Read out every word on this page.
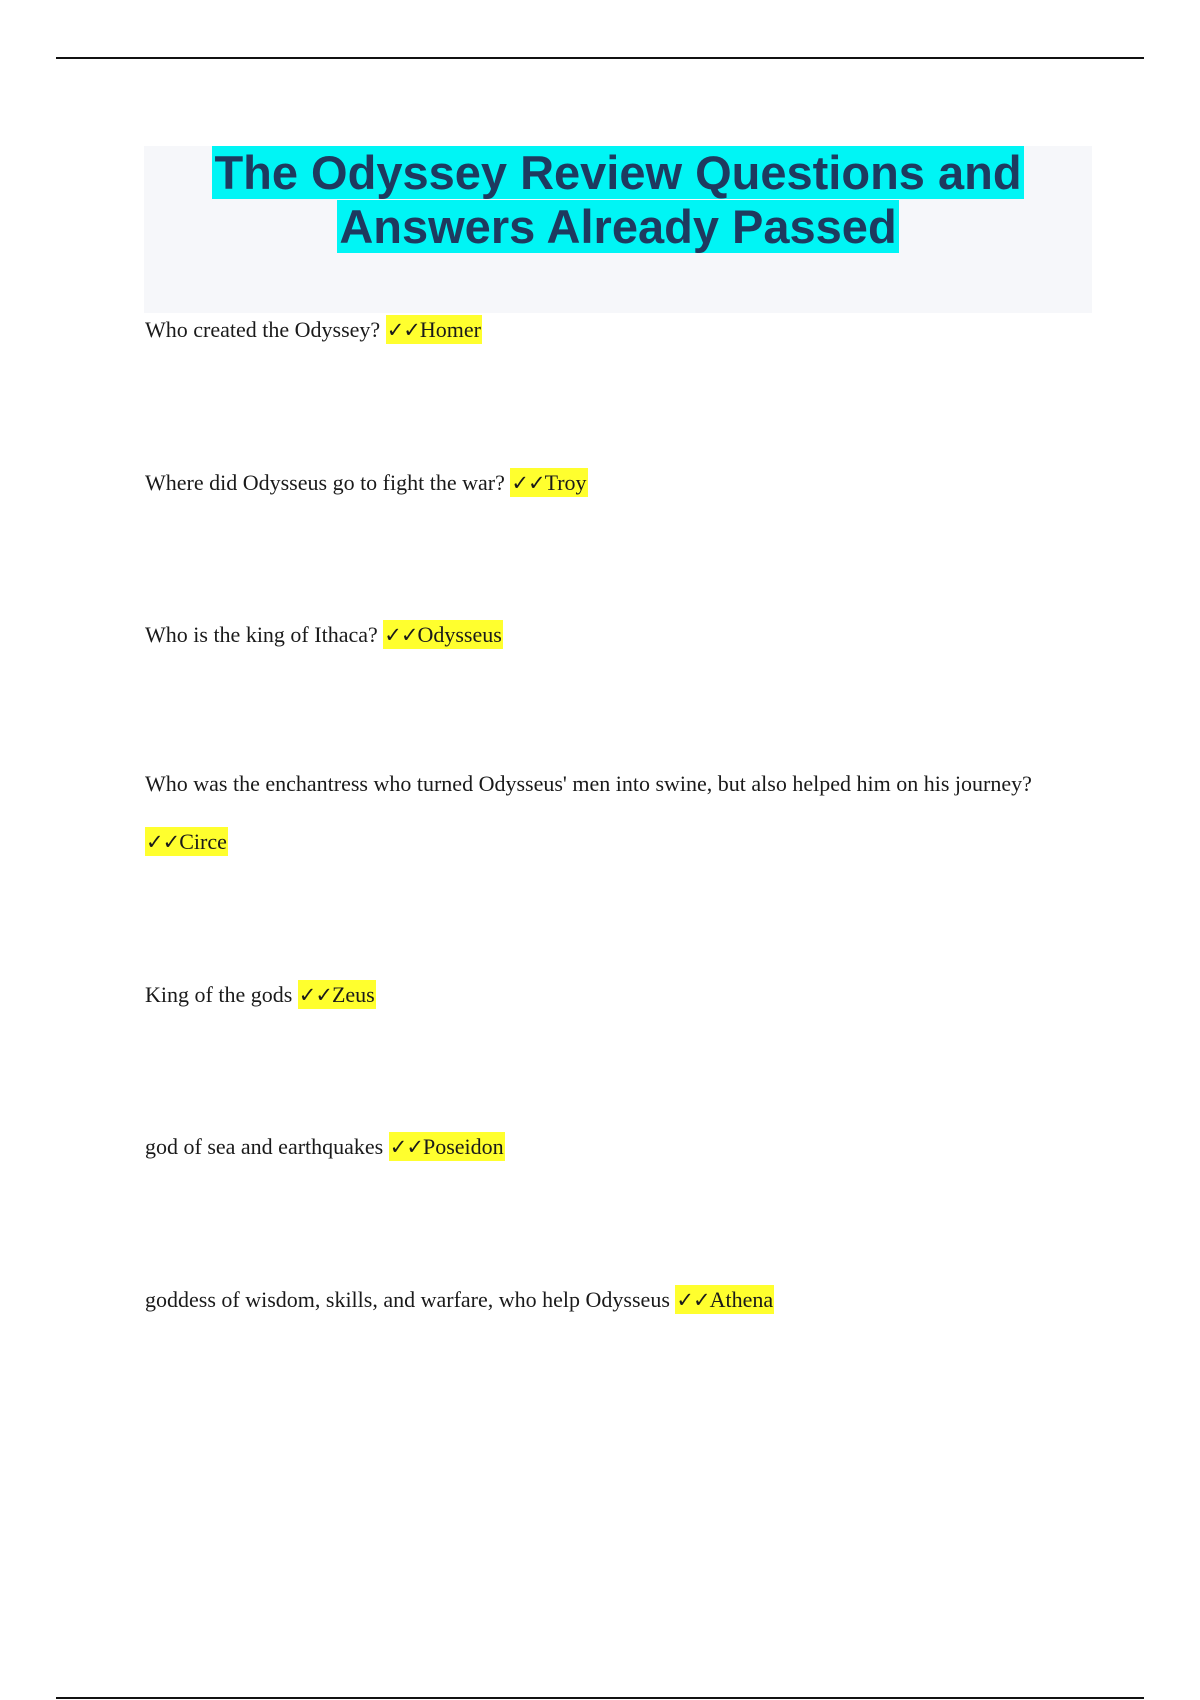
The Odyssey Review Questions and
Answers Already Passed

Who created the Odyssey? ✓✓Homer

Where did Odysseus go to fight the war? ✓✓Troy

Who is the king of Ithaca? ✓✓Odysseus

Who was the enchantress who turned Odysseus' men into swine, but also helped him on his journey? ✓✓Circe

King of the gods ✓✓Zeus

god of sea and earthquakes ✓✓Poseidon

goddess of wisdom, skills, and warfare, who help Odysseus ✓✓Athena
